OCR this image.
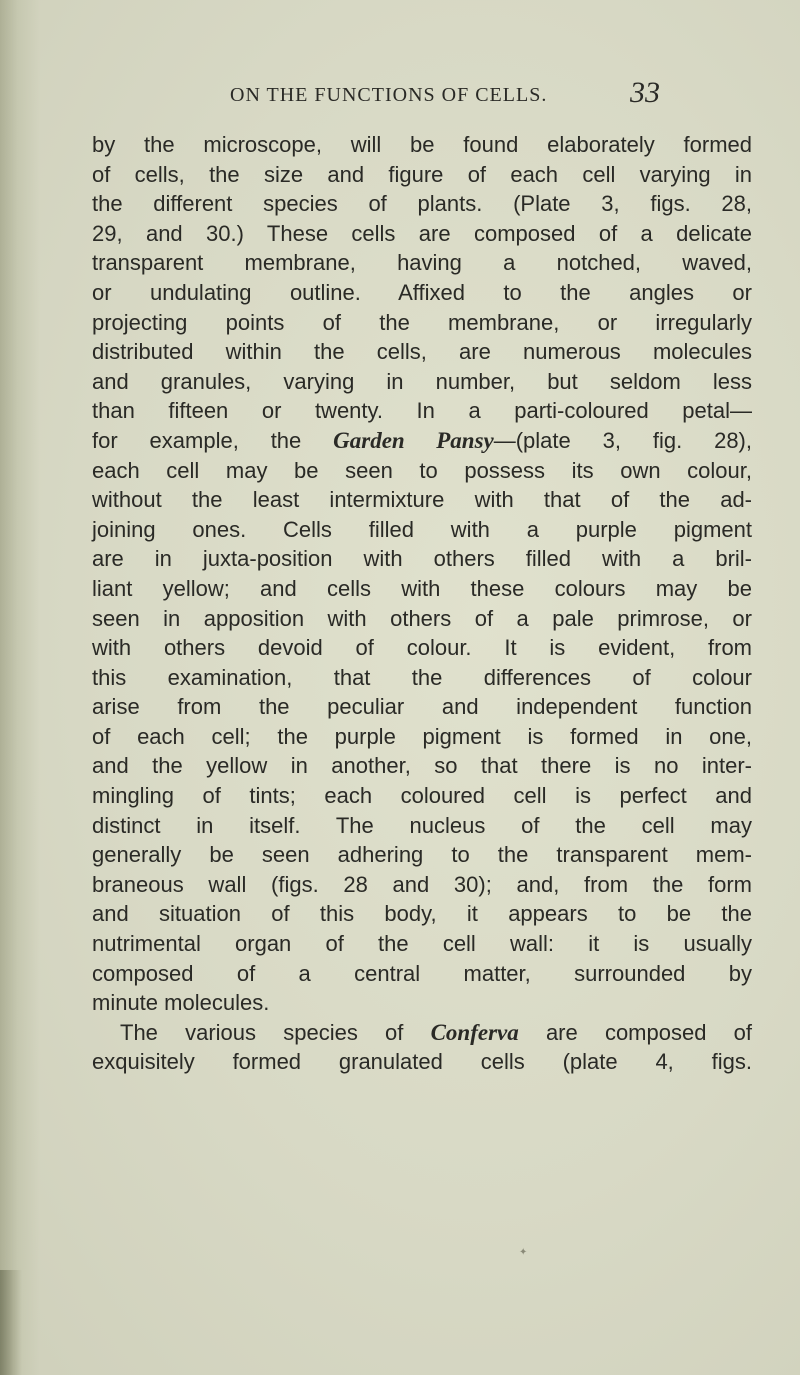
ON THE FUNCTIONS OF CELLS.	33
by the microscope, will be found elaborately formed
of cells, the size and figure of each cell varying in
the different species of plants. (Plate 3, figs. 28,
29, and 30.) These cells are composed of a delicate
transparent membrane, having a notched, waved,
or undulating outline. Affixed to the angles or
projecting points of the membrane, or irregularly
distributed within the cells, are numerous molecules
and granules, varying in number, but seldom less
than fifteen or twenty. In a parti-coloured petal—
for example, the Garden Pansy—(plate 3, fig. 28),
each cell may be seen to possess its own colour,
without the least intermixture with that of the ad-
joining ones. Cells filled with a purple pigment
are in juxta-position with others filled with a bril-
liant yellow; and cells with these colours may be
seen in apposition with others of a pale primrose, or
with others devoid of colour. It is evident, from
this examination, that the differences of colour
arise from the peculiar and independent function
of each cell; the purple pigment is formed in one,
and the yellow in another, so that there is no inter-
mingling of tints; each coloured cell is perfect and
distinct in itself. The nucleus of the cell may
generally be seen adhering to the transparent mem-
braneous wall (figs. 28 and 30); and, from the form
and situation of this body, it appears to be the
nutrimental organ of the cell wall: it is usually
composed of a central matter, surrounded by
minute molecules.
The various species of Conferva are composed of
exquisitely formed granulated cells (plate 4, figs.
✦
